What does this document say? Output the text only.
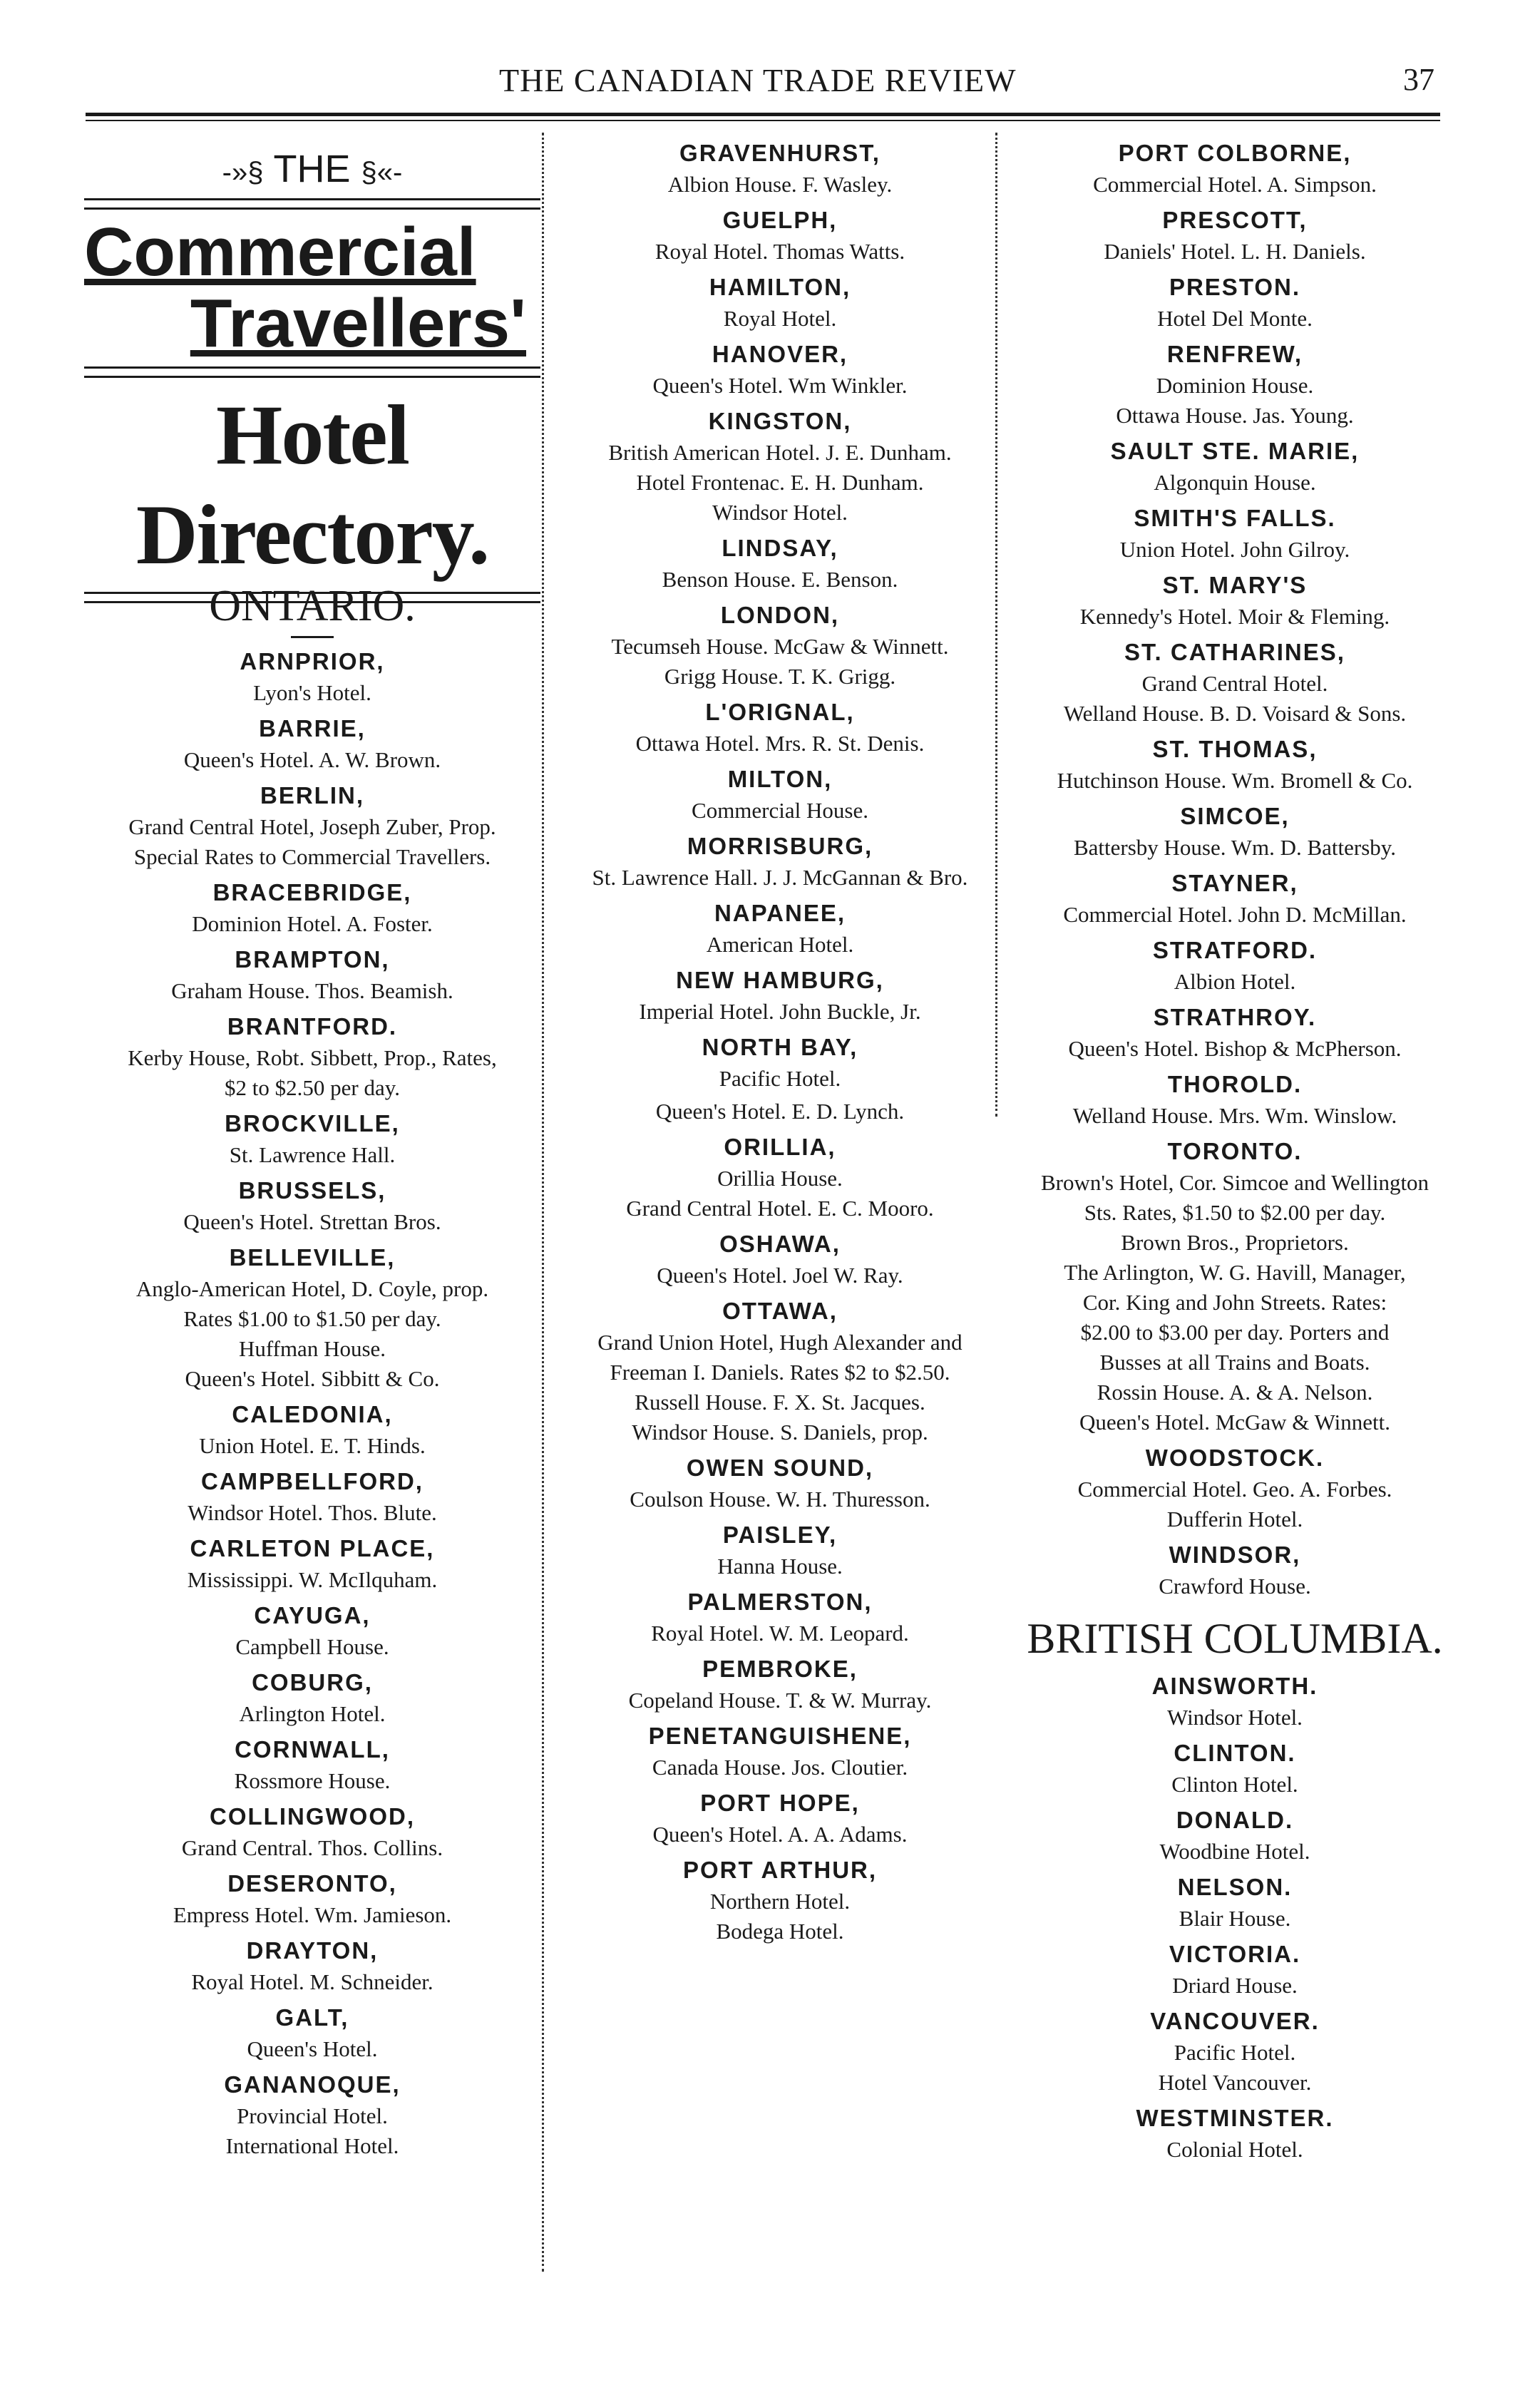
THE CANADIAN TRADE REVIEW	37
-»§ THE §«-
Commercial
Travellers'
Hotel Directory.
ONTARIO.
ARNPRIOR,
Lyon's Hotel.
BARRIE,
Queen's Hotel. A. W. Brown.
BERLIN,
Grand Central Hotel, Joseph Zuber, Prop.
Special Rates to Commercial Travellers.
BRACEBRIDGE,
Dominion Hotel. A. Foster.
BRAMPTON,
Graham House. Thos. Beamish.
BRANTFORD.
Kerby House, Robt. Sibbett, Prop., Rates,
$2 to $2.50 per day.
BROCKVILLE,
St. Lawrence Hall.
BRUSSELS,
Queen's Hotel. Strettan Bros.
BELLEVILLE,
Anglo-American Hotel, D. Coyle, prop.
Rates $1.00 to $1.50 per day.
Huffman House.
Queen's Hotel. Sibbitt & Co.
CALEDONIA,
Union Hotel. E. T. Hinds.
CAMPBELLFORD,
Windsor Hotel. Thos. Blute.
CARLETON PLACE,
Mississippi. W. McIlquham.
CAYUGA,
Campbell House.
COBURG,
Arlington Hotel.
CORNWALL,
Rossmore House.
COLLINGWOOD,
Grand Central. Thos. Collins.
DESERONTO,
Empress Hotel. Wm. Jamieson.
DRAYTON,
Royal Hotel. M. Schneider.
GALT,
Queen's Hotel.
GANANOQUE,
Provincial Hotel.
International Hotel.
GRAVENHURST,
Albion House. F. Wasley.
GUELPH,
Royal Hotel. Thomas Watts.
HAMILTON,
Royal Hotel.
HANOVER,
Queen's Hotel. Wm Winkler.
KINGSTON,
British American Hotel. J. E. Dunham.
Hotel Frontenac. E. H. Dunham.
Windsor Hotel.
LINDSAY,
Benson House. E. Benson.
LONDON,
Tecumseh House. McGaw & Winnett.
Grigg House. T. K. Grigg.
L'ORIGNAL,
Ottawa Hotel. Mrs. R. St. Denis.
MILTON,
Commercial House.
MORRISBURG,
St. Lawrence Hall. J. J. McGannan & Bro.
NAPANEE,
American Hotel.
NEW HAMBURG,
Imperial Hotel. John Buckle, Jr.
NORTH BAY,
Pacific Hotel.
Queen's Hotel. E. D. Lynch.
ORILLIA,
Orillia House.
Grand Central Hotel. E. C. Mooro.
OSHAWA,
Queen's Hotel. Joel W. Ray.
OTTAWA,
Grand Union Hotel, Hugh Alexander and
Freeman I. Daniels. Rates $2 to $2.50.
Russell House. F. X. St. Jacques.
Windsor House. S. Daniels, prop.
OWEN SOUND,
Coulson House. W. H. Thuresson.
PAISLEY,
Hanna House.
PALMERSTON,
Royal Hotel. W. M. Leopard.
PEMBROKE,
Copeland House. T. & W. Murray.
PENETANGUISHENE,
Canada House. Jos. Cloutier.
PORT HOPE,
Queen's Hotel. A. A. Adams.
PORT ARTHUR,
Northern Hotel.
Bodega Hotel.
PORT COLBORNE,
Commercial Hotel. A. Simpson.
PRESCOTT,
Daniels' Hotel. L. H. Daniels.
PRESTON.
Hotel Del Monte.
RENFREW,
Dominion House.
Ottawa House. Jas. Young.
SAULT STE. MARIE,
Algonquin House.
SMITH'S FALLS.
Union Hotel. John Gilroy.
ST. MARY'S
Kennedy's Hotel. Moir & Fleming.
ST. CATHARINES,
Grand Central Hotel.
Welland House. B. D. Voisard & Sons.
ST. THOMAS,
Hutchinson House. Wm. Bromell & Co.
SIMCOE,
Battersby House. Wm. D. Battersby.
STAYNER,
Commercial Hotel. John D. McMillan.
STRATFORD.
Albion Hotel.
STRATHROY.
Queen's Hotel. Bishop & McPherson.
THOROLD.
Welland House. Mrs. Wm. Winslow.
TORONTO.
Brown's Hotel, Cor. Simcoe and Wellington
Sts. Rates, $1.50 to $2.00 per day.
Brown Bros., Proprietors.
The Arlington, W. G. Havill, Manager,
Cor. King and John Streets. Rates:
$2.00 to $3.00 per day. Porters and
Busses at all Trains and Boats.
Rossin House. A. & A. Nelson.
Queen's Hotel. McGaw & Winnett.
WOODSTOCK.
Commercial Hotel. Geo. A. Forbes.
Dufferin Hotel.
WINDSOR,
Crawford House.
BRITISH COLUMBIA.
AINSWORTH.
Windsor Hotel.
CLINTON.
Clinton Hotel.
DONALD.
Woodbine Hotel.
NELSON.
Blair House.
VICTORIA.
Driard House.
VANCOUVER.
Pacific Hotel.
Hotel Vancouver.
WESTMINSTER.
Colonial Hotel.
